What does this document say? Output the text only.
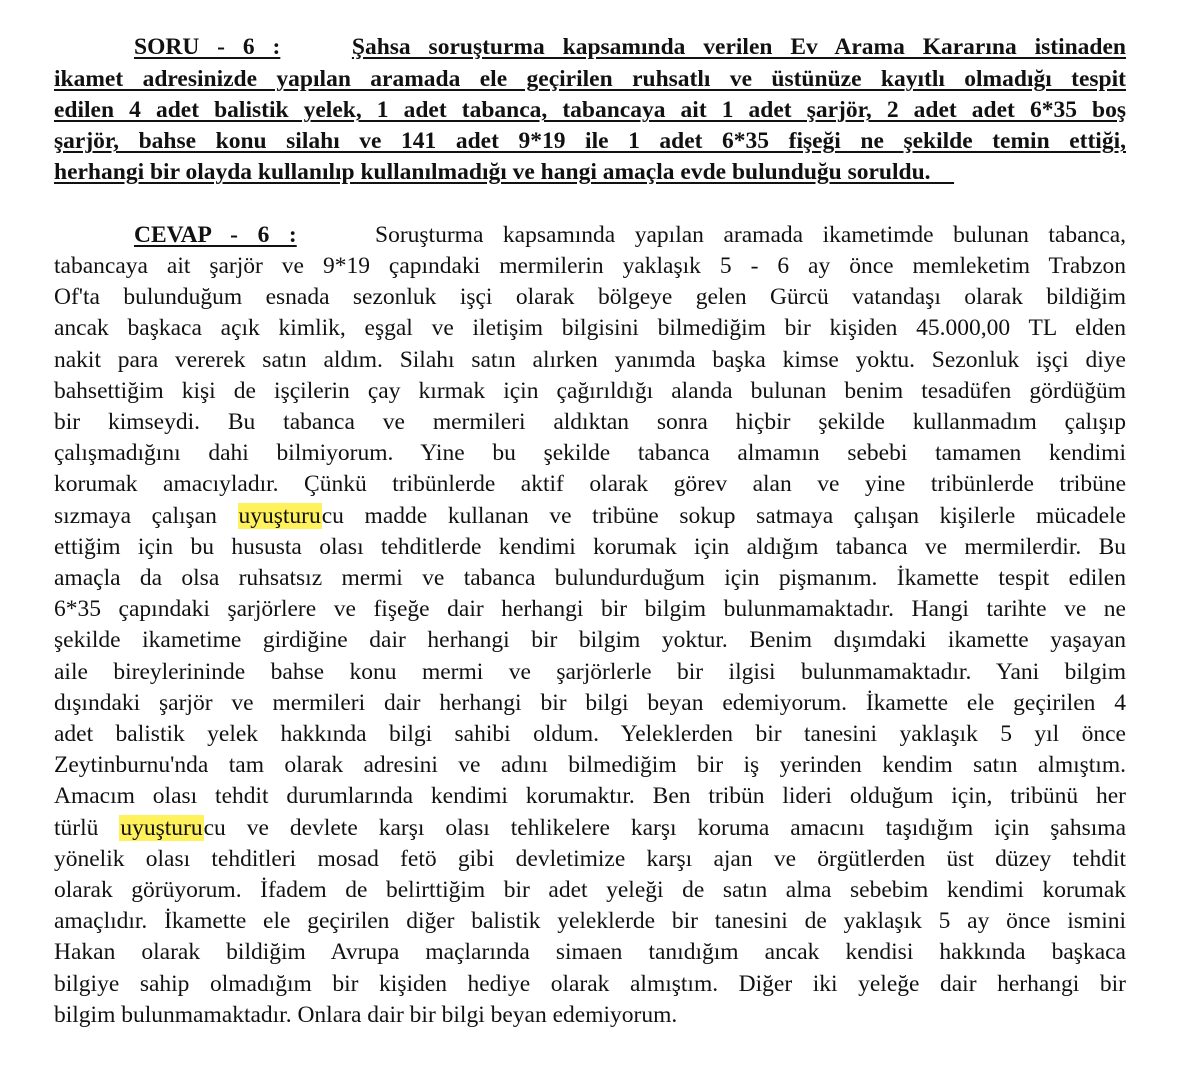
SORU - 6 :	Şahsa soruşturma kapsamında verilen Ev Arama Kararına istinaden
ikamet adresinizde yapılan aramada ele geçirilen ruhsatlı ve üstünüze kayıtlı olmadığı tespit
edilen 4 adet balistik yelek, 1 adet tabanca, tabancaya ait 1 adet şarjör, 2 adet adet 6*35 boş
şarjör, bahse konu silahı ve 141 adet 9*19 ile 1 adet 6*35 fişeği ne şekilde temin ettiği,
herhangi bir olayda kullanılıp kullanılmadığı ve hangi amaçla evde bulunduğu soruldu.
CEVAP - 6 :	Soruşturma kapsamında yapılan aramada ikametimde bulunan tabanca,
tabancaya ait şarjör ve 9*19 çapındaki mermilerin yaklaşık 5 - 6 ay önce memleketim Trabzon
Of'ta bulunduğum esnada sezonluk işçi olarak bölgeye gelen Gürcü vatandaşı olarak bildiğim
ancak başkaca açık kimlik, eşgal ve iletişim bilgisini bilmediğim bir kişiden 45.000,00 TL elden
nakit para vererek satın aldım. Silahı satın alırken yanımda başka kimse yoktu. Sezonluk işçi diye
bahsettiğim kişi de işçilerin çay kırmak için çağırıldığı alanda bulunan benim tesadüfen gördüğüm
bir kimseydi. Bu tabanca ve mermileri aldıktan sonra hiçbir şekilde kullanmadım çalışıp
çalışmadığını dahi bilmiyorum. Yine bu şekilde tabanca almamın sebebi tamamen kendimi
korumak amacıyladır. Çünkü tribünlerde aktif olarak görev alan ve yine tribünlerde tribüne
sızmaya çalışan uyuşturucu madde kullanan ve tribüne sokup satmaya çalışan kişilerle mücadele
ettiğim için bu hususta olası tehditlerde kendimi korumak için aldığım tabanca ve mermilerdir. Bu
amaçla da olsa ruhsatsız mermi ve tabanca bulundurduğum için pişmanım. İkamette tespit edilen
6*35 çapındaki şarjörlere ve fişeğe dair herhangi bir bilgim bulunmamaktadır. Hangi tarihte ve ne
şekilde ikametime girdiğine dair herhangi bir bilgim yoktur. Benim dışımdaki ikamette yaşayan
aile bireylerininde bahse konu mermi ve şarjörlerle bir ilgisi bulunmamaktadır. Yani bilgim
dışındaki şarjör ve mermileri dair herhangi bir bilgi beyan edemiyorum. İkamette ele geçirilen 4
adet balistik yelek hakkında bilgi sahibi oldum. Yeleklerden bir tanesini yaklaşık 5 yıl önce
Zeytinburnu'nda tam olarak adresini ve adını bilmediğim bir iş yerinden kendim satın almıştım.
Amacım olası tehdit durumlarında kendimi korumaktır. Ben tribün lideri olduğum için, tribünü her
türlü uyuşturucu ve devlete karşı olası tehlikelere karşı koruma amacını taşıdığım için şahsıma
yönelik olası tehditleri mosad fetö gibi devletimize karşı ajan ve örgütlerden üst düzey tehdit
olarak görüyorum. İfadem de belirttiğim bir adet yeleği de satın alma sebebim kendimi korumak
amaçlıdır. İkamette ele geçirilen diğer balistik yeleklerde bir tanesini de yaklaşık 5 ay önce ismini
Hakan olarak bildiğim Avrupa maçlarında simaen tanıdığım ancak kendisi hakkında başkaca
bilgiye sahip olmadığım bir kişiden hediye olarak almıştım. Diğer iki yeleğe dair herhangi bir
bilgim bulunmamaktadır. Onlara dair bir bilgi beyan edemiyorum.
